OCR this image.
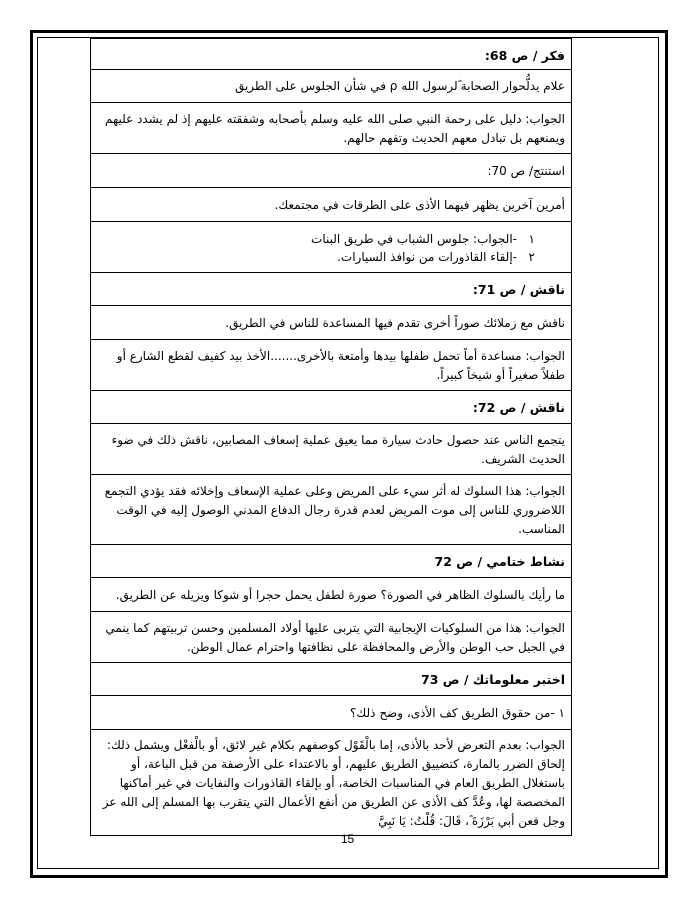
فكر / ص 68:

علام يدلُّحوار الصحابة ؓلرسول الله ρ في شأن الجلوس على الطريق

الجواب: دليل على رحمة النبي صلى الله عليه وسلم بأصحابه وشفقته عليهم إذ لم يشدد عليهم ويمنعهم بل تبادل معهم الحديث وتفهم حالهم.

استنتج/ ص 70:

أمرين آخرين يظهر فيهما الأذى على الطرقات في مجتمعك.

١-الجواب: جلوس الشباب في طريق البنات
٢-إلقاء القاذورات من نوافذ السيارات.
ناقش / ص 71:

ناقش مع زملائك صوراً أخرى تقدم فيها المساعدة للناس في الطريق.

الجواب: مساعدة أماً تحمل طفلها بيدها وأمتعة بالأخرى.......الأخذ بيد كفيف لقطع الشارع أو طفلاً صغيراً أو شيخاً كبيراً.

ناقش / ص 72:

يتجمع الناس عند حصول حادث سيارة مما يعيق عملية إسعاف المصابين، ناقش ذلك في ضوء الحديث الشريف.

الجواب: هذا السلوك له أثر سيء على المريض وعلى عملية الإسعاف وإخلائه فقد يؤدي التجمع اللاضروري للناس إلى موت المريض لعدم قدرة رجال الدفاع المدني الوصول إليه في الوقت المناسب.

نشاط ختامي / ص 72

ما رأيك بالسلوك الظاهر في الصورة؟ صورة لطفل يحمل حجرا أو شوكا ويزيله عن الطريق.

الجواب: هذا من السلوكيات الإيجابية التي يتربى عليها أولاد المسلمين وحسن تربيتهم كما ينمي في الجيل حب الوطن والأرض والمحافظة على نظافتها واحترام عمال الوطن.

اختبر معلوماتك / ص 73

١ -من حقوق الطريق كف الأذى، وضح ذلك؟

الجواب: بعدم التعرض لأحد بالأذى، إما بالْقَوْل كوصفهم بكلام غير لائق، أو بالْفعْل ويشمل ذلك: إلحاق الضرر بالمارة، كتضييق الطريق عليهم، أو بالاعتداء على الأرصفة من قبل الباعة، أو باستغلال الطريق العام في المناسبات الخاصة، أو بإلقاء القاذورات والنفايات في غير أماكنها المخصصة لها، وعُدَّ كف الأذى عن الطريق من أنفع الأعمال التي يتقرب بها المسلم إلى الله عز وجل فعن أبي بَرْزَةَ ؓ، قَالَ: قُلْتُ: يَا نَبِيَّ

15
